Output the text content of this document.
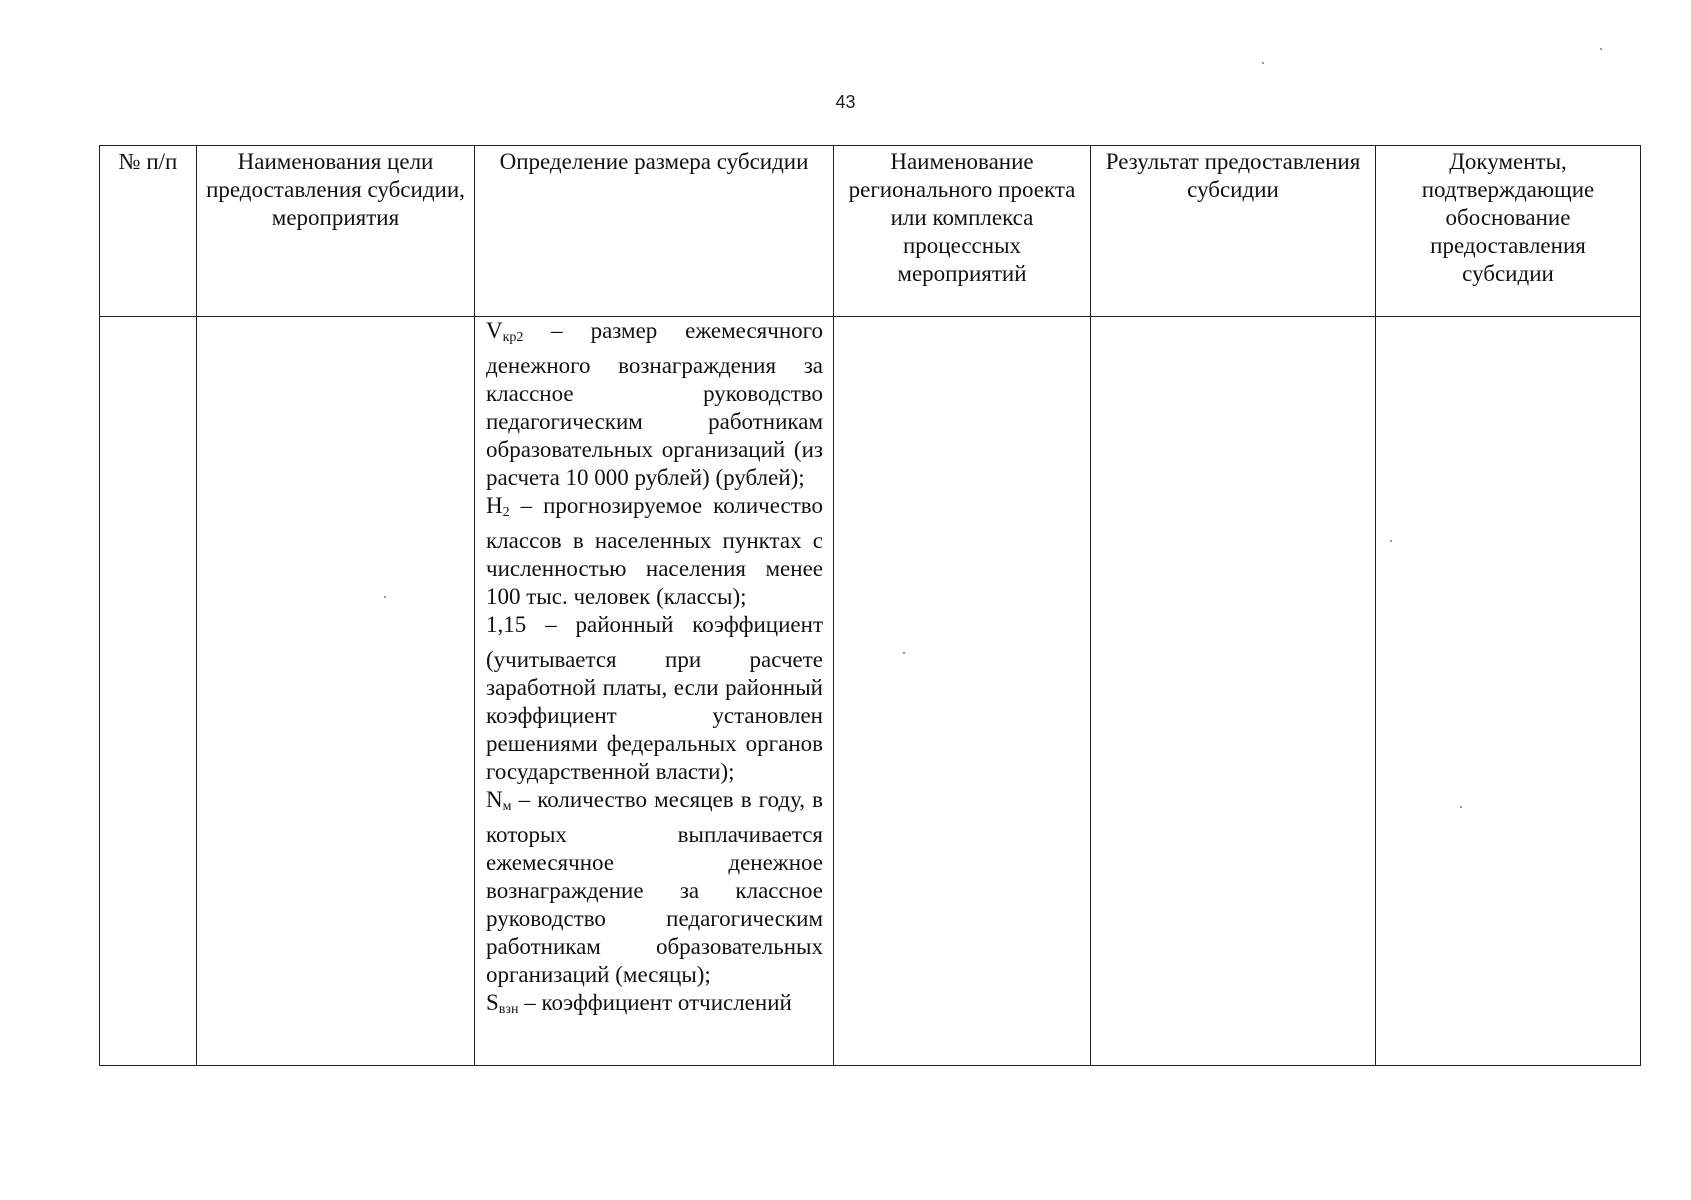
43
№ п/п	Наименования цели предоставления субсидии, мероприятия	Определение размера субсидии	Наименование регионального проекта или комплекса процессных мероприятий	Результат предоставления субсидии	Документы, подтверждающие обоснование предоставления субсидии

		$V_{кр2}$ – размер ежемесячного денежного вознаграждения за классное руководство педагогическим работникам образовательных организаций (из расчета 10 000 рублей) (рублей);

$Н_2$ – прогнозируемое количество классов в населенных пунктах с численностью населения менее 100 тыс. человек (классы);

1,15 – районный коэффициент (учитывается при расчете заработной платы, если районный коэффициент установлен решениями федеральных органов государственной власти);

$N_м$ – количество месяцев в году, в которых выплачивается ежемесячное денежное вознаграждение за классное руководство педагогическим работникам образовательных организаций (месяцы);

$S_{взн}$ – коэффициент отчислений			
